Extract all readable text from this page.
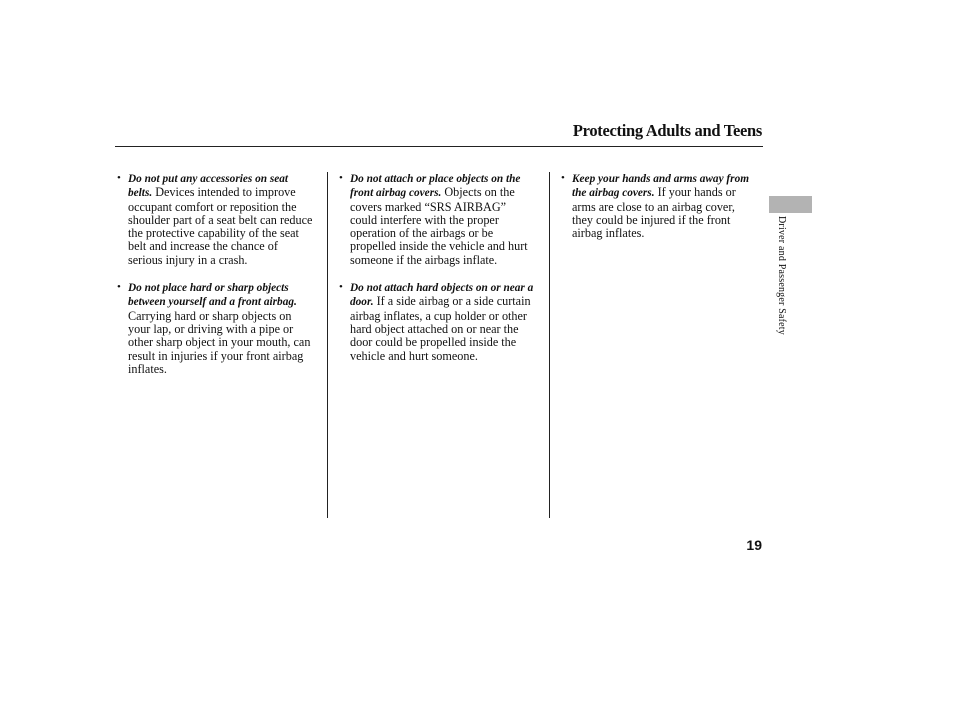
Protecting Adults and Teens
• Do not put any accessories on seat belts. Devices intended to improve occupant comfort or reposition the shoulder part of a seat belt can reduce the protective capability of the seat belt and increase the chance of serious injury in a crash.
• Do not place hard or sharp objects between yourself and a front airbag. Carrying hard or sharp objects on your lap, or driving with a pipe or other sharp object in your mouth, can result in injuries if your front airbag inflates.
• Do not attach or place objects on the front airbag covers. Objects on the covers marked “SRS AIRBAG” could interfere with the proper operation of the airbags or be propelled inside the vehicle and hurt someone if the airbags inflate.
• Do not attach hard objects on or near a door. If a side airbag or a side curtain airbag inflates, a cup holder or other hard object attached on or near the door could be propelled inside the vehicle and hurt someone.
• Keep your hands and arms away from the airbag covers. If your hands or arms are close to an airbag cover, they could be injured if the front airbag inflates.	Driver and Passenger Safety
19
